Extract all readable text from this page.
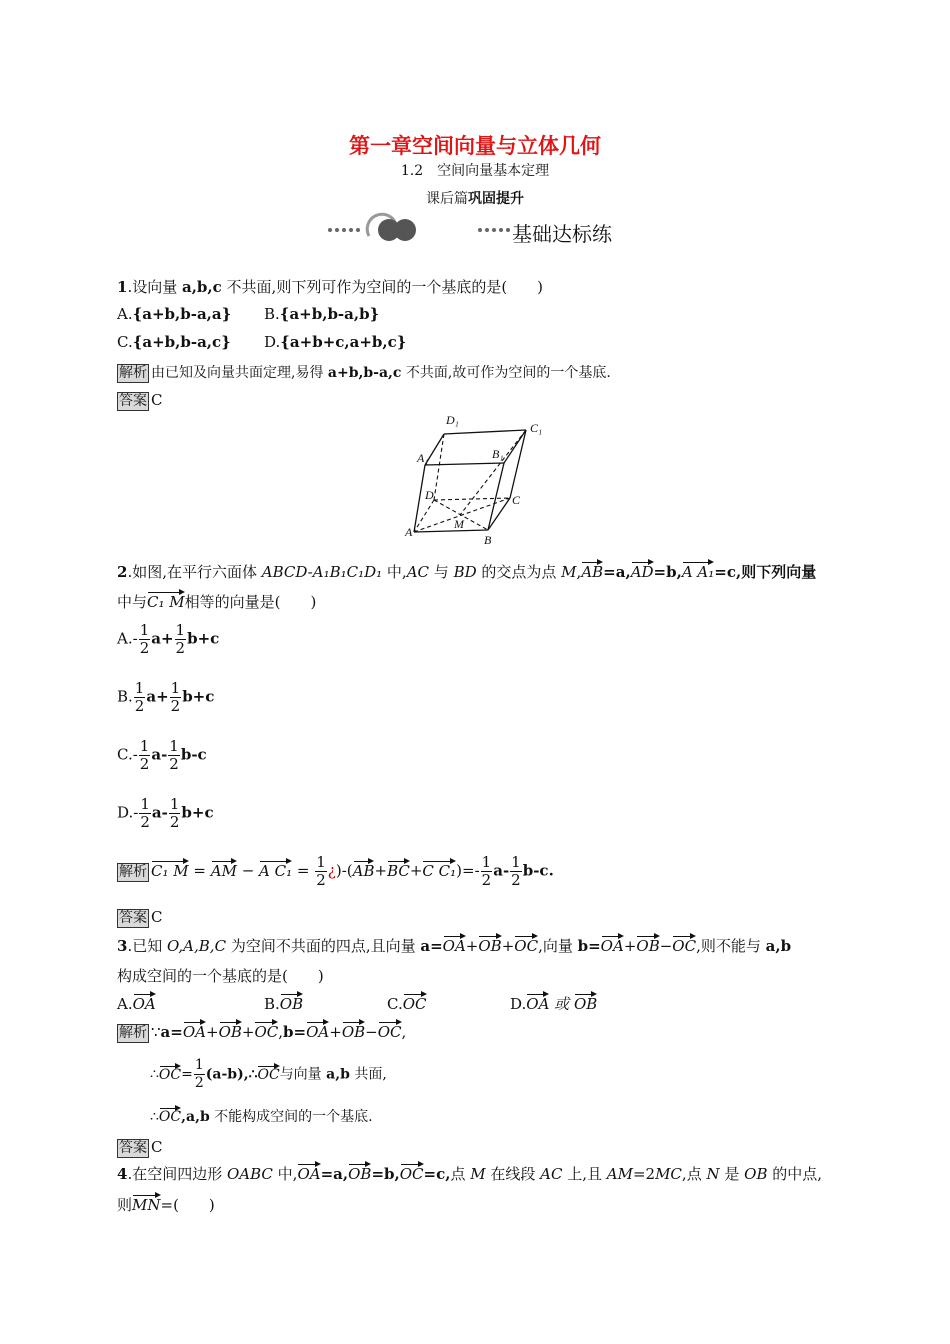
第一章空间向量与立体几何
1.2　空间向量基本定理
课后篇巩固提升
基础达标练
1.设向量 a,b,c 不共面,则下列可作为空间的一个基底的是(　　)
A.{a+b,b-a,a} B.{a+b,b-a,b}
C.{a+b,b-a,c} D.{a+b+c,a+b,c}
解析 由已知及向量共面定理,易得 a+b,b-a,c 不共面,故可作为空间的一个基底.
答案 C
D₁
C₁
A₁	B₁
D	C
M
A
B
2.如图,在平行六面体 ABCD-A₁B₁C₁D₁ 中,AC 与 BD 的交点为点 M,AB=a,AD=b,A A₁=c,则下列向量
中与C₁ M相等的向量是(　　)
$A.- \frac{1}{2} a+ \frac{1}{2} b+c$
B. $\frac{1}{2} a+ \frac{1}{2} b+c$
$C.- \frac{1}{2} a- \frac{1}{2} b-c$
$D.- \frac{1}{2} a- \frac{1}{2} b+c$
解析 C₁ M = AM − A $C_1 = \frac{1}{2}$ ¿)-(AB+BC+C $C_1)=- \frac{1}{2} a- \frac{1}{2} b-c$.
答案 C
3.已知 O,A,B,C 为空间不共面的四点,且向量 a=OA+OB+OC,向量 b=OA+OB−OC,则不能与 a,b
构成空间的一个基底的是(　　)
A.OA	B.OB	C.OC	D.OA 或 OB
解析 ∵a=OA+OB+OC,b=OA+OB−OC,
∴OC= $\frac{1}{2}$ (a-b),∴OC与向量 a,b 共面,
∴OC,a,b 不能构成空间的一个基底.
答案 C
4.在空间四边形 OABC 中,OA=a,OB=b,OC=c,点 M 在线段 AC 上,且 AM=2MC,点 N 是 OB 的中点,
则MN=(　　)
